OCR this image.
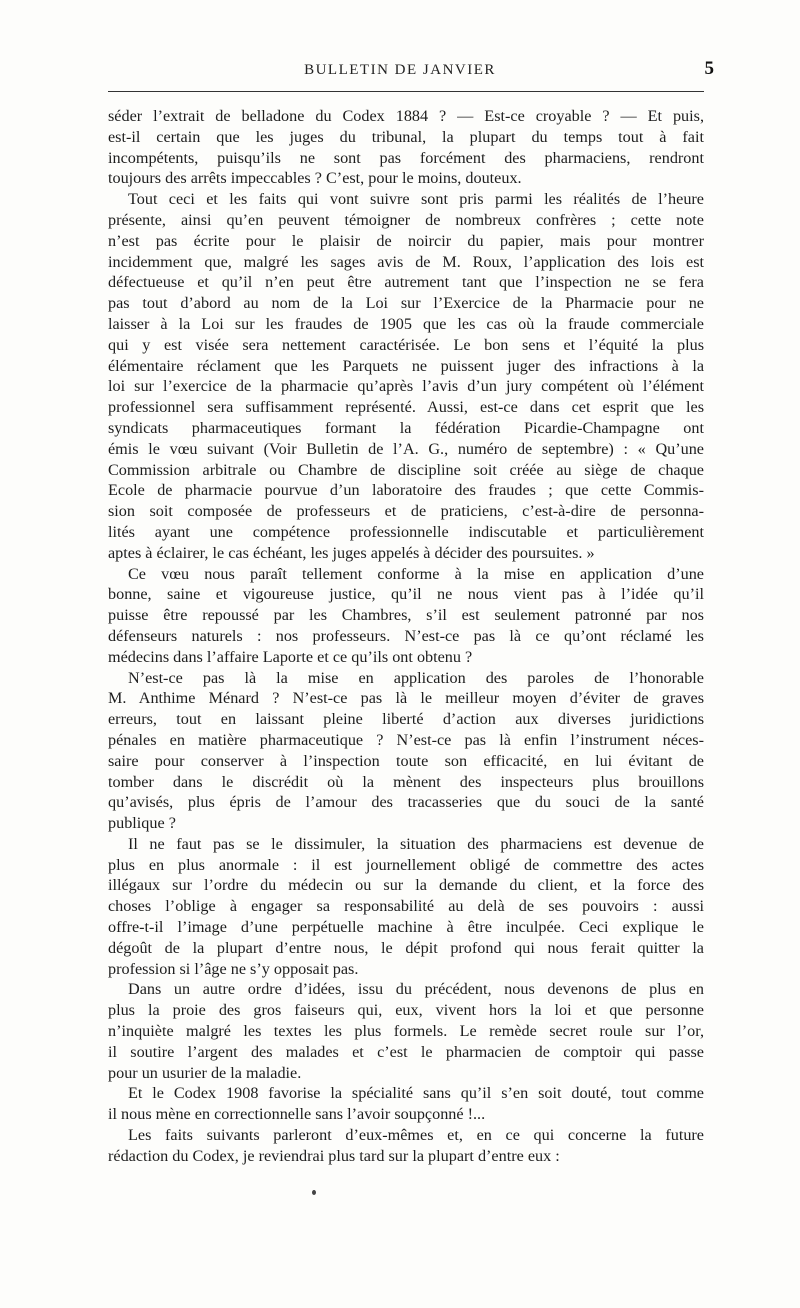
BULLETIN DE JANVIER	5
séder l’extrait de belladone du Codex 1884 ? — Est-ce croyable ? — Et puis,
est-il certain que les juges du tribunal, la plupart du temps tout à fait
incompétents, puisqu’ils ne sont pas forcément des pharmaciens, rendront
toujours des arrêts impeccables ? C’est, pour le moins, douteux.
Tout ceci et les faits qui vont suivre sont pris parmi les réalités de l’heure
présente, ainsi qu’en peuvent témoigner de nombreux confrères ; cette note
n’est pas écrite pour le plaisir de noircir du papier, mais pour montrer
incidemment que, malgré les sages avis de M. Roux, l’application des lois est
défectueuse et qu’il n’en peut être autrement tant que l’inspection ne se fera
pas tout d’abord au nom de la Loi sur l’Exercice de la Pharmacie pour ne
laisser à la Loi sur les fraudes de 1905 que les cas où la fraude commerciale
qui y est visée sera nettement caractérisée. Le bon sens et l’équité la plus
élémentaire réclament que les Parquets ne puissent juger des infractions à la
loi sur l’exercice de la pharmacie qu’après l’avis d’un jury compétent où l’élément
professionnel sera suffisamment représenté. Aussi, est-ce dans cet esprit que les
syndicats pharmaceutiques formant la fédération Picardie-Champagne ont
émis le vœu suivant (Voir Bulletin de l’A. G., numéro de septembre) : « Qu’une
Commission arbitrale ou Chambre de discipline soit créée au siège de chaque
Ecole de pharmacie pourvue d’un laboratoire des fraudes ; que cette Commis-
sion soit composée de professeurs et de praticiens, c’est-à-dire de personna-
lités ayant une compétence professionnelle indiscutable et particulièrement
aptes à éclairer, le cas échéant, les juges appelés à décider des poursuites. »
Ce vœu nous paraît tellement conforme à la mise en application d’une
bonne, saine et vigoureuse justice, qu’il ne nous vient pas à l’idée qu’il
puisse être repoussé par les Chambres, s’il est seulement patronné par nos
défenseurs naturels : nos professeurs. N’est-ce pas là ce qu’ont réclamé les
médecins dans l’affaire Laporte et ce qu’ils ont obtenu ?
N’est-ce pas là la mise en application des paroles de l’honorable
M. Anthime Ménard ? N’est-ce pas là le meilleur moyen d’éviter de graves
erreurs, tout en laissant pleine liberté d’action aux diverses juridictions
pénales en matière pharmaceutique ? N’est-ce pas là enfin l’instrument néces-
saire pour conserver à l’inspection toute son efficacité, en lui évitant de
tomber dans le discrédit où la mènent des inspecteurs plus brouillons
qu’avisés, plus épris de l’amour des tracasseries que du souci de la santé
publique ?
Il ne faut pas se le dissimuler, la situation des pharmaciens est devenue de
plus en plus anormale : il est journellement obligé de commettre des actes
illégaux sur l’ordre du médecin ou sur la demande du client, et la force des
choses l’oblige à engager sa responsabilité au delà de ses pouvoirs : aussi
offre-t-il l’image d’une perpétuelle machine à être inculpée. Ceci explique le
dégoût de la plupart d’entre nous, le dépit profond qui nous ferait quitter la
profession si l’âge ne s’y opposait pas.
Dans un autre ordre d’idées, issu du précédent, nous devenons de plus en
plus la proie des gros faiseurs qui, eux, vivent hors la loi et que personne
n’inquiète malgré les textes les plus formels. Le remède secret roule sur l’or,
il soutire l’argent des malades et c’est le pharmacien de comptoir qui passe
pour un usurier de la maladie.
Et le Codex 1908 favorise la spécialité sans qu’il s’en soit douté, tout comme
il nous mène en correctionnelle sans l’avoir soupçonné !...
Les faits suivants parleront d’eux-mêmes et, en ce qui concerne la future
rédaction du Codex, je reviendrai plus tard sur la plupart d’entre eux :
